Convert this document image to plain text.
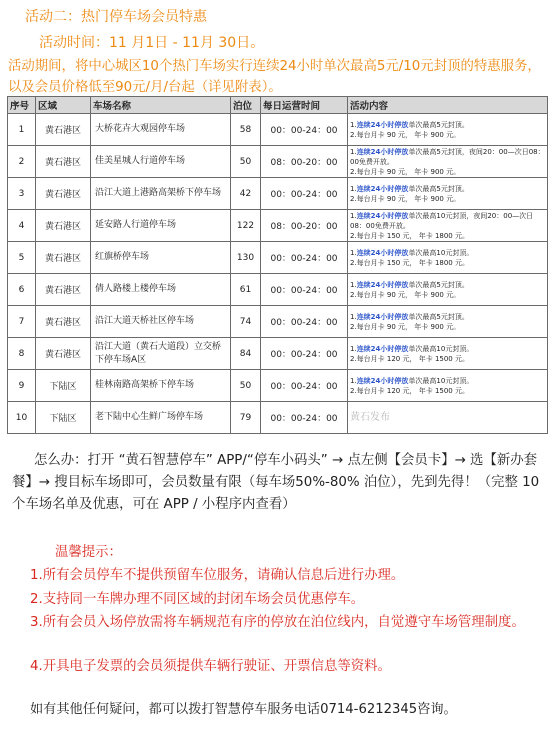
活动二：热门停车场会员特惠
活动时间：11 月1日 - 11月 30日。
活动期间，将中心城区10个热门车场实行连续24小时单次最高5元/10元封顶的特惠服务，以及会员价格低至90元/月/台起（详见附表）。
序号	区域	车场名称	泊位	每日运营时间	活动内容
1	黄石港区	大桥花卉大观园停车场	58	00：00-24：00	1.连续24小时停放单次最高5元封顶。
2.每台月卡 90 元， 年卡 900 元。

2	黄石港区	佳美星城人行道停车场	50	08：00-20：00	1.连续24小时停放单次最高5元封顶，夜间20：00—次日08：00免费开放。
2.每台月卡 90 元， 年卡 900 元。

3	黄石港区	沿江大道上港路高架桥下停车场	42	00：00-24：00	1.连续24小时停放单次最高5元封顶。
2.每台月卡 90 元， 年卡 900 元。

4	黄石港区	延安路人行道停车场	122	08：00-20：00	1.连续24小时停放单次最高10元封顶，夜间20：00—次日08：00免费开放。
2.每台月卡 150 元， 年卡 1800 元。

5	黄石港区	红旗桥停车场	130	00：00-24：00	1.连续24小时停放单次最高10元封顶。
2.每台月卡 150 元， 年卡 1800 元。

6	黄石港区	倩人路楼上楼停车场	61	00：00-24：00	1.连续24小时停放单次最高5元封顶。
2.每台月卡 90 元， 年卡 900 元。

7	黄石港区	沿江大道天桥社区停车场	74	00：00-24：00	1.连续24小时停放单次最高5元封顶。
2.每台月卡 90 元， 年卡 900 元。

8	黄石港区	沿江大道（黄石大道段）立交桥下停车场A区	84	00：00-24：00	1.连续24小时停放单次最高10元封顶。
2.每台月卡 120 元， 年卡 1500 元。

9	下陆区	桂林南路高架桥下停车场	50	00：00-24：00	1.连续24小时停放单次最高10元封顶。
2.每台月卡 120 元， 年卡 1500 元。

10	下陆区	老下陆中心生鲜广场停车场	79	00：00-24：00	黄石发布
怎么办：打开 “黄石智慧停车” APP/“停车小码头” → 点左侧【会员卡】→ 选【新办套餐】→ 搜目标车场即可，会员数量有限（每车场50%-80% 泊位），先到先得！（完整 10 个车场名单及优惠，可在 APP / 小程序内查看）
温馨提示：
1.所有会员停车不提供预留车位服务，请确认信息后进行办理。
2.支持同一车牌办理不同区域的封闭车场会员优惠停车。
3.所有会员入场停放需将车辆规范有序的停放在泊位线内，自觉遵守车场管理制度。
4.开具电子发票的会员须提供车辆行驶证、开票信息等资料。
如有其他任何疑问，都可以拨打智慧停车服务电话0714-6212345咨询。
